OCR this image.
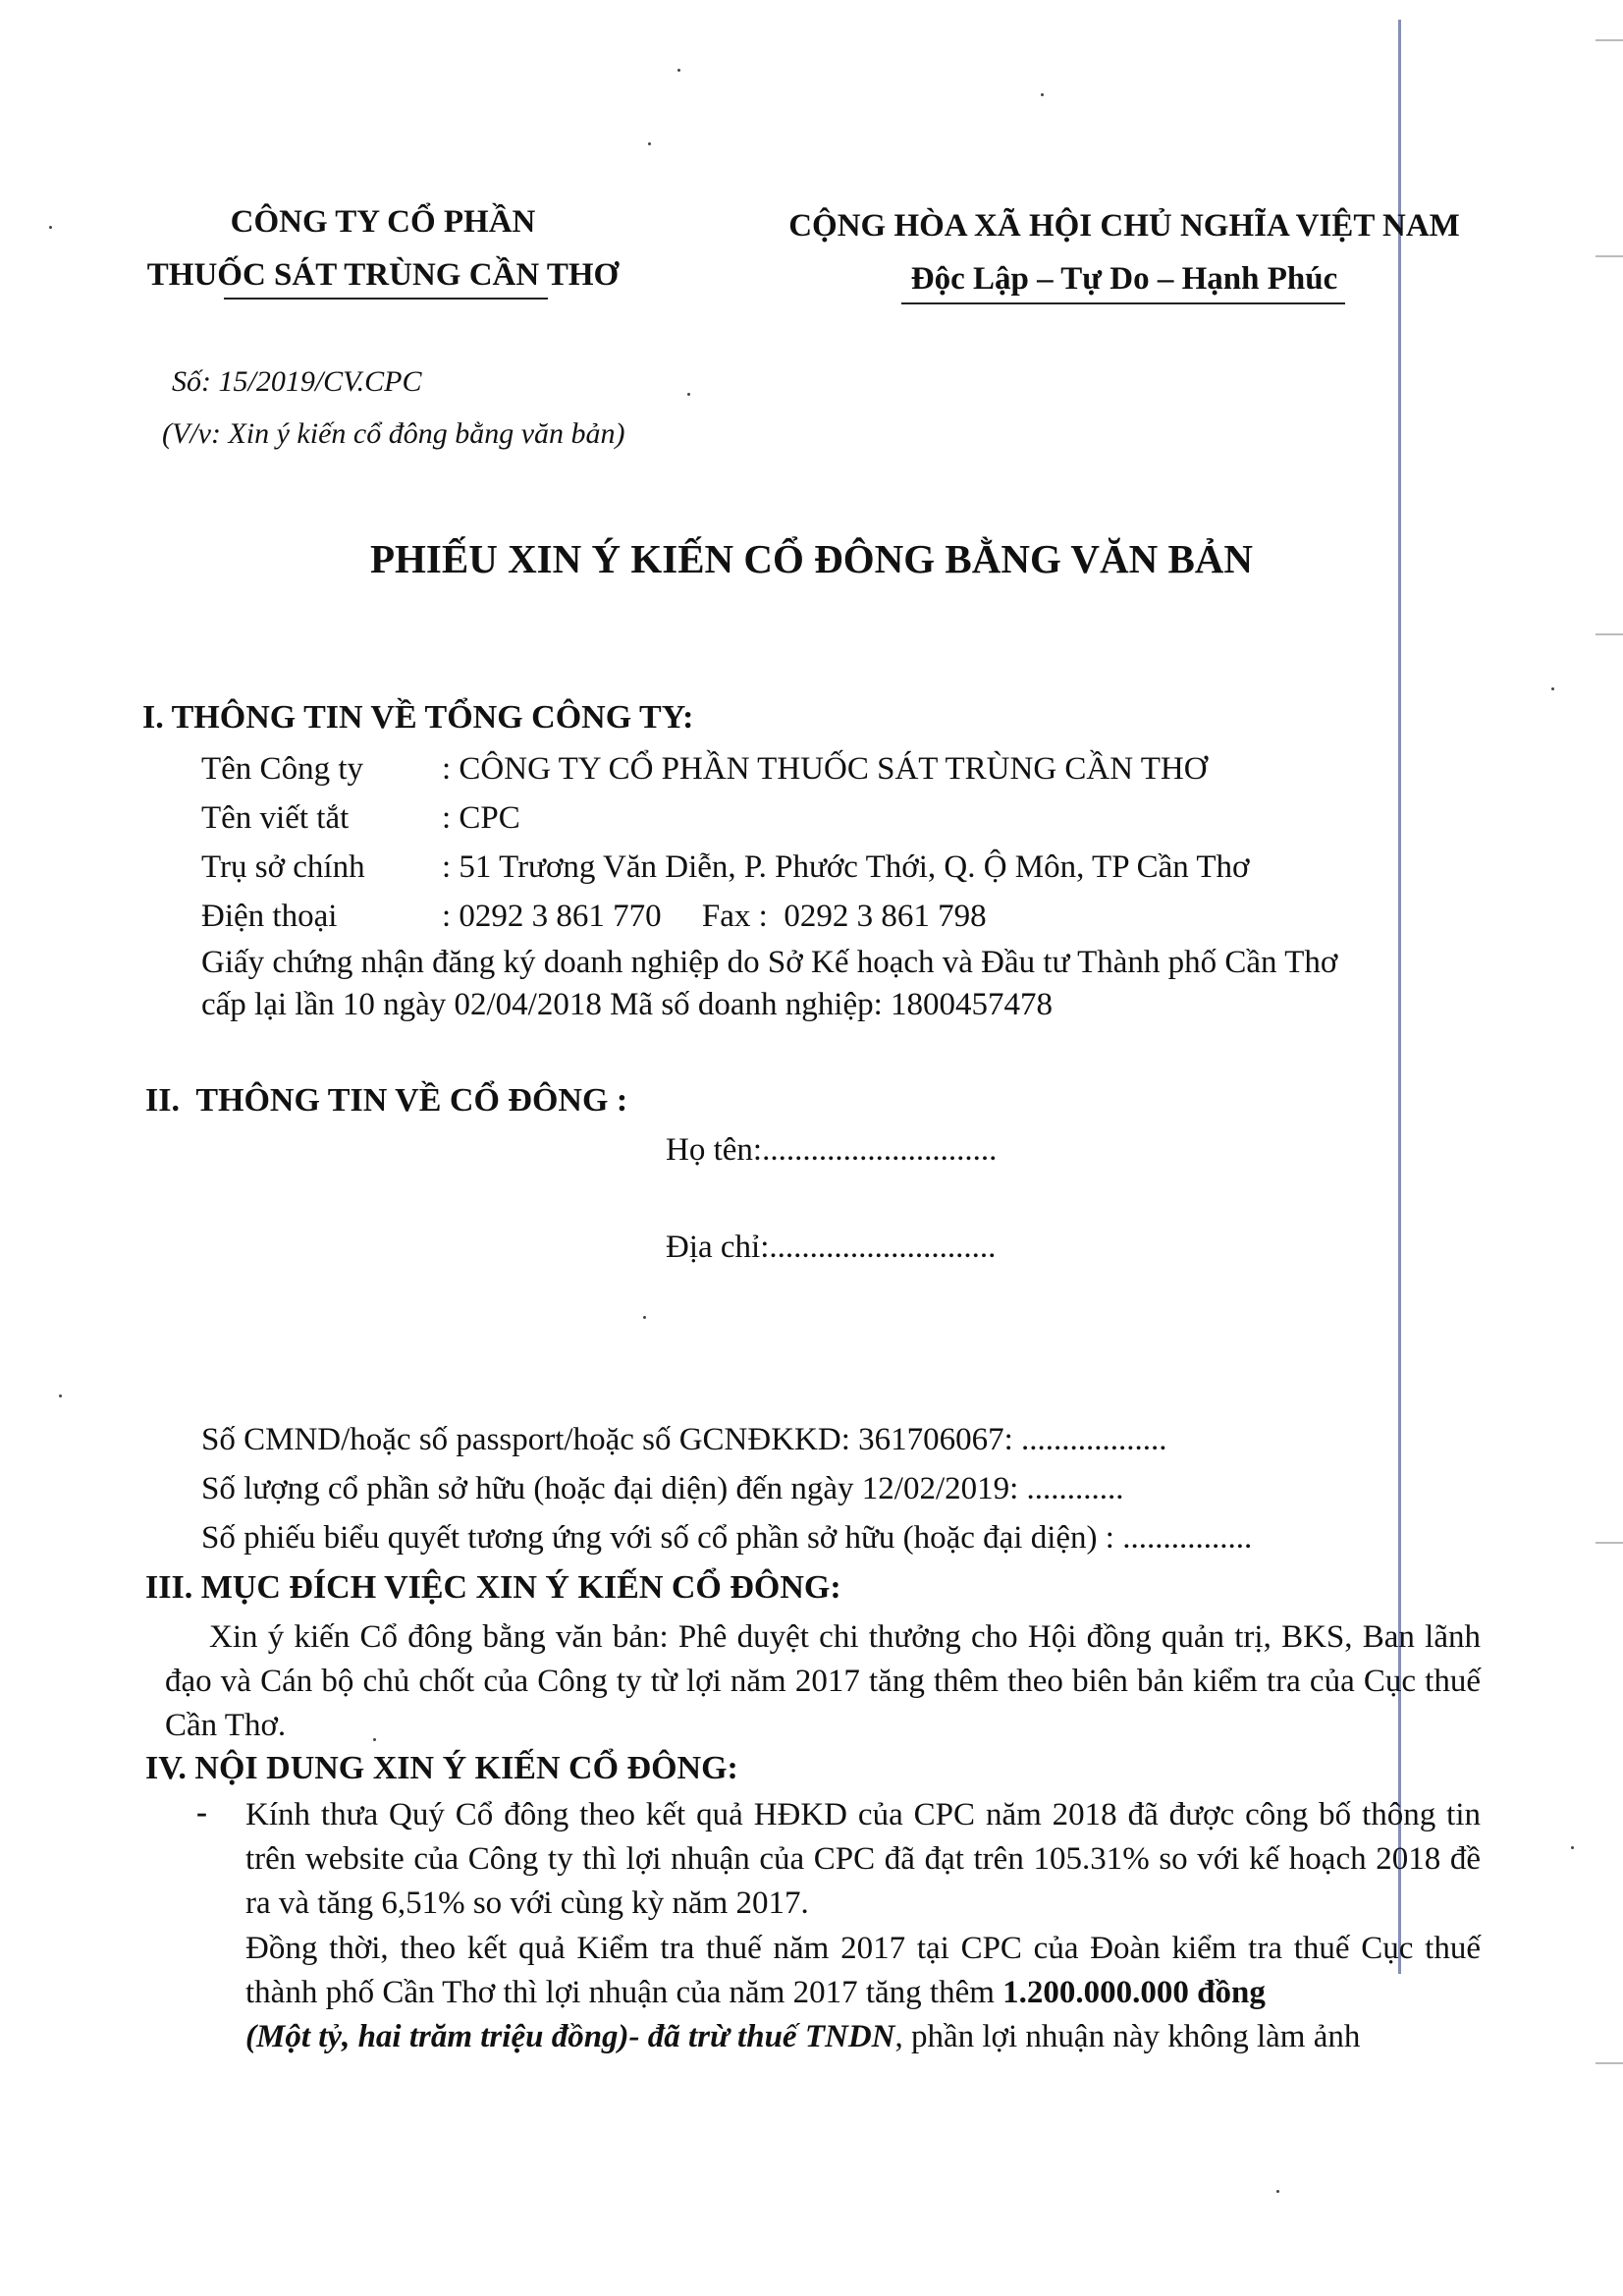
CÔNG TY CỔ PHẦN
THUỐC SÁT TRÙNG CẦN THƠ
CỘNG HÒA XÃ HỘI CHỦ NGHĨA VIỆT NAM
Độc Lập – Tự Do – Hạnh Phúc
Số: 15/2019/CV.CPC
(V/v: Xin ý kiến cổ đông bằng văn bản)
PHIẾU XIN Ý KIẾN CỔ ĐÔNG BẰNG VĂN BẢN
I. THÔNG TIN VỀ TỔNG CÔNG TY:
Tên Công ty : CÔNG TY CỔ PHẦN THUỐC SÁT TRÙNG CẦN THƠ
Tên viết tắt	: CPC
Trụ sở chính : 51 Trương Văn Diễn, P. Phước Thới, Q. Ộ Môn, TP Cần Thơ
Điện thoại	: 0292 3 861 770     Fax :  0292 3 861 798
Giấy chứng nhận đăng ký doanh nghiệp do Sở Kế hoạch và Đầu tư Thành phố Cần Thơ
cấp lại lần 10 ngày 02/04/2018 Mã số doanh nghiệp: 1800457478
II.  THÔNG TIN VỀ CỔ ĐÔNG :
Họ tên:.............................
Địa chỉ:............................
Số CMND/hoặc số passport/hoặc số GCNĐKKD: 361706067: ..................
Số lượng cổ phần sở hữu (hoặc đại diện) đến ngày 12/02/2019: ............
Số phiếu biểu quyết tương ứng với số cổ phần sở hữu (hoặc đại diện) : ................
III. MỤC ĐÍCH VIỆC XIN Ý KIẾN CỔ ĐÔNG:
Xin ý kiến Cổ đông bằng văn bản: Phê duyệt chi thưởng cho Hội đồng quản trị, BKS, Ban lãnh đạo và Cán bộ chủ chốt của Công ty từ lợi năm 2017 tăng thêm theo biên bản kiểm tra của Cục thuế Cần Thơ.
IV. NỘI DUNG XIN Ý KIẾN CỔ ĐÔNG:
- Kính thưa Quý Cổ đông theo kết quả HĐKD của CPC năm 2018 đã được công bố thông tin trên website của Công ty thì lợi nhuận của CPC đã đạt trên 105.31% so với kế hoạch 2018 đề ra và tăng 6,51% so với cùng kỳ năm 2017.
Đồng thời, theo kết quả Kiểm tra thuế năm 2017 tại CPC của Đoàn kiểm tra thuế Cục thuế thành phố Cần Thơ thì lợi nhuận của năm 2017 tăng thêm 1.200.000.000 đồng
(Một tỷ, hai trăm triệu đồng)- đã trừ thuế TNDN, phần lợi nhuận này không làm ảnh
